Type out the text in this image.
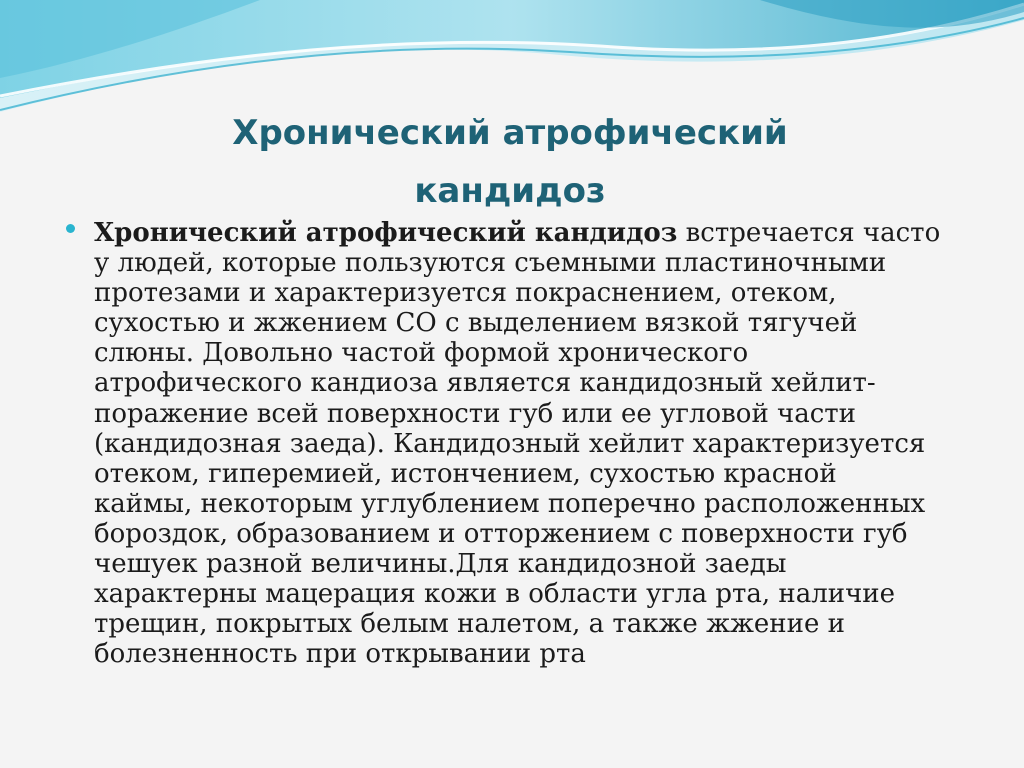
Хронический атрофический
кандидоз

Хронический атрофический кандидоз встречается часто
у людей, которые пользуются съемными пластиночными
протезами и характеризуется покраснением, отеком,
сухостью и жжением СО с выделением вязкой тягучей
слюны. Довольно частой формой хронического
атрофического кандиоза является кандидозный хейлит-
поражение всей поверхности губ или ее угловой части
(кандидозная заеда). Кандидозный хейлит характеризуется
отеком, гиперемией, истончением, сухостью красной
каймы, некоторым углублением поперечно расположенных
бороздок, образованием и отторжением с поверхности губ
чешуек разной величины.Для кандидозной заеды
характерны мацерация кожи в области угла рта, наличие
трещин, покрытых белым налетом, а также жжение и
болезненность при открывании рта
